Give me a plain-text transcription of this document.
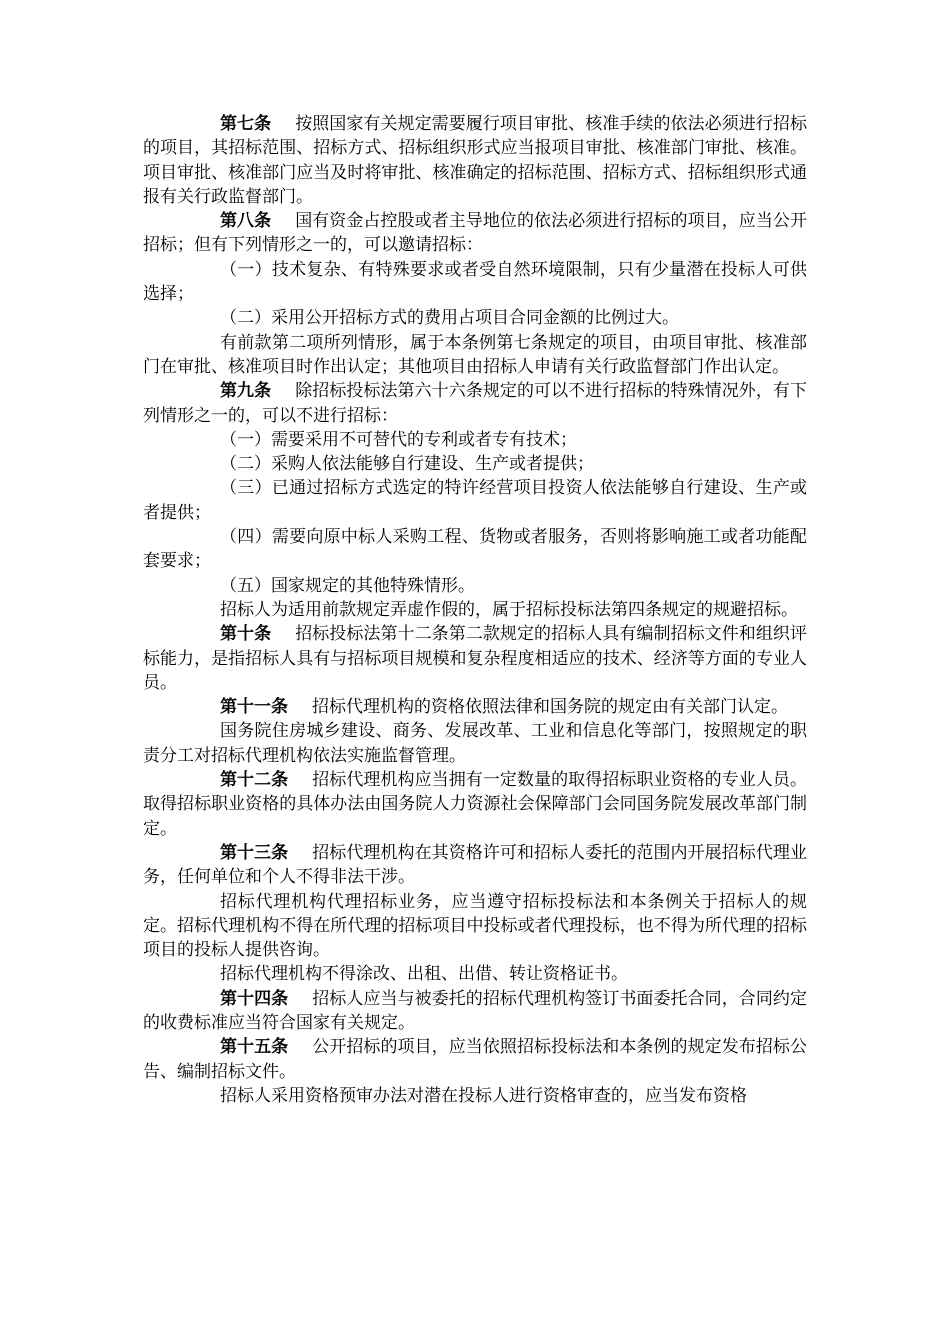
第七条 按照国家有关规定需要履行项目审批、核准手续的依法必须进行招标的项目，其招标范围、招标方式、招标组织形式应当报项目审批、核准部门审批、核准。项目审批、核准部门应当及时将审批、核准确定的招标范围、招标方式、招标组织形式通报有关行政监督部门。

第八条 国有资金占控股或者主导地位的依法必须进行招标的项目，应当公开招标；但有下列情形之一的，可以邀请招标：

（一）技术复杂、有特殊要求或者受自然环境限制，只有少量潜在投标人可供选择；

（二）采用公开招标方式的费用占项目合同金额的比例过大。

有前款第二项所列情形，属于本条例第七条规定的项目，由项目审批、核准部门在审批、核准项目时作出认定；其他项目由招标人申请有关行政监督部门作出认定。

第九条 除招标投标法第六十六条规定的可以不进行招标的特殊情况外，有下列情形之一的，可以不进行招标：

（一）需要采用不可替代的专利或者专有技术；

（二）采购人依法能够自行建设、生产或者提供；

（三）已通过招标方式选定的特许经营项目投资人依法能够自行建设、生产或者提供；

（四）需要向原中标人采购工程、货物或者服务，否则将影响施工或者功能配套要求；

（五）国家规定的其他特殊情形。

招标人为适用前款规定弄虚作假的，属于招标投标法第四条规定的规避招标。

第十条 招标投标法第十二条第二款规定的招标人具有编制招标文件和组织评标能力，是指招标人具有与招标项目规模和复杂程度相适应的技术、经济等方面的专业人员。

第十一条 招标代理机构的资格依照法律和国务院的规定由有关部门认定。

国务院住房城乡建设、商务、发展改革、工业和信息化等部门，按照规定的职责分工对招标代理机构依法实施监督管理。

第十二条 招标代理机构应当拥有一定数量的取得招标职业资格的专业人员。取得招标职业资格的具体办法由国务院人力资源社会保障部门会同国务院发展改革部门制定。

第十三条 招标代理机构在其资格许可和招标人委托的范围内开展招标代理业务，任何单位和个人不得非法干涉。

招标代理机构代理招标业务，应当遵守招标投标法和本条例关于招标人的规定。招标代理机构不得在所代理的招标项目中投标或者代理投标，也不得为所代理的招标项目的投标人提供咨询。

招标代理机构不得涂改、出租、出借、转让资格证书。

第十四条 招标人应当与被委托的招标代理机构签订书面委托合同，合同约定的收费标准应当符合国家有关规定。

第十五条 公开招标的项目，应当依照招标投标法和本条例的规定发布招标公告、编制招标文件。

招标人采用资格预审办法对潜在投标人进行资格审查的，应当发布资格
